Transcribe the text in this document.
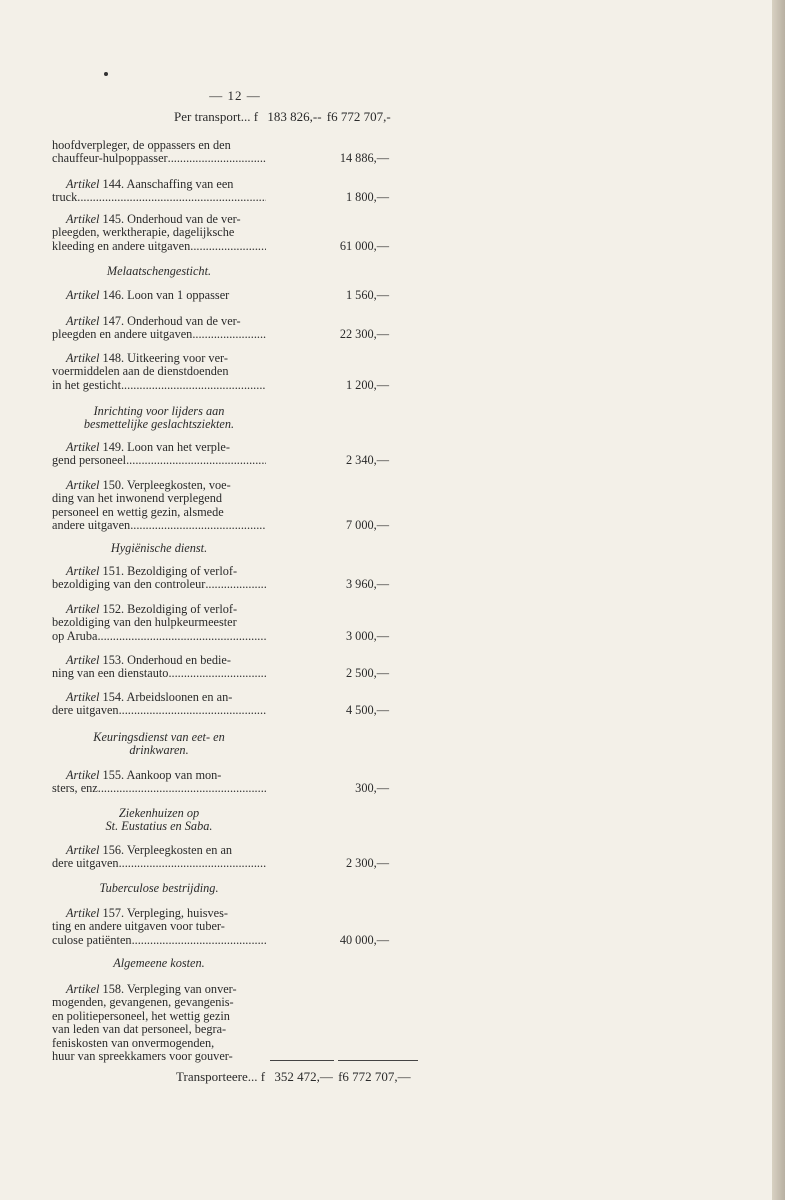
— 12 —
Per transport... f 183 826,-- f6 772 707,-
hoofdverpleger, de oppassers en den
chauffeur-hulpoppasser .....	14 886,—
Artikel 144. Aanschaffing van een
truck .....	1 800,—
Artikel 145. Onderhoud van de ver-
pleegden, werktherapie, dagelijksche
kleeding en andere uitgaven .....	61 000,—
Melaatschengesticht.
Artikel 146. Loon van 1 oppasser	1 560,—
Artikel 147. Onderhoud van de ver-
pleegden en andere uitgaven .....	22 300,—
Artikel 148. Uitkeering voor ver-
voermiddelen aan de dienstdoenden
in het gesticht .....	1 200,—
Inrichting voor lijders aan
besmettelijke geslachtsziekten.
Artikel 149. Loon van het verple-
gend personeel .....	2 340,—
Artikel 150. Verpleegkosten, voe-
ding van het inwonend verplegend
personeel en wettig gezin, alsmede
andere uitgaven .....	7 000,—
Hygiënische dienst.
Artikel 151. Bezoldiging of verlof-
bezoldiging van den controleur .....	3 960,—
Artikel 152. Bezoldiging of verlof-
bezoldiging van den hulpkeurmeester
op Aruba .....	3 000,—
Artikel 153. Onderhoud en bedie-
ning van een dienstauto .....	2 500,—
Artikel 154. Arbeidsloonen en an-
dere uitgaven .....	4 500,—
Keuringsdienst van eet- en
drinkwaren.
Artikel 155. Aankoop van mon-
sters, enz. .....	300,—
Ziekenhuizen op
St. Eustatius en Saba.
Artikel 156. Verpleegkosten en an
dere uitgaven .....	2 300,—
Tuberculose bestrijding.
Artikel 157. Verpleging, huisves-
ting en andere uitgaven voor tuber-
culose patiënten .....	40 000,—
Algemeene kosten.
Artikel 158. Verpleging van onver-
mogenden, gevangenen, gevangenis-
en politiepersoneel, het wettig gezin
van leden van dat personeel, begra-
feniskosten van onvermogenden,
huur van spreekkamers voor gouver-
Transporteere... f 352 472,— f6 772 707,—
